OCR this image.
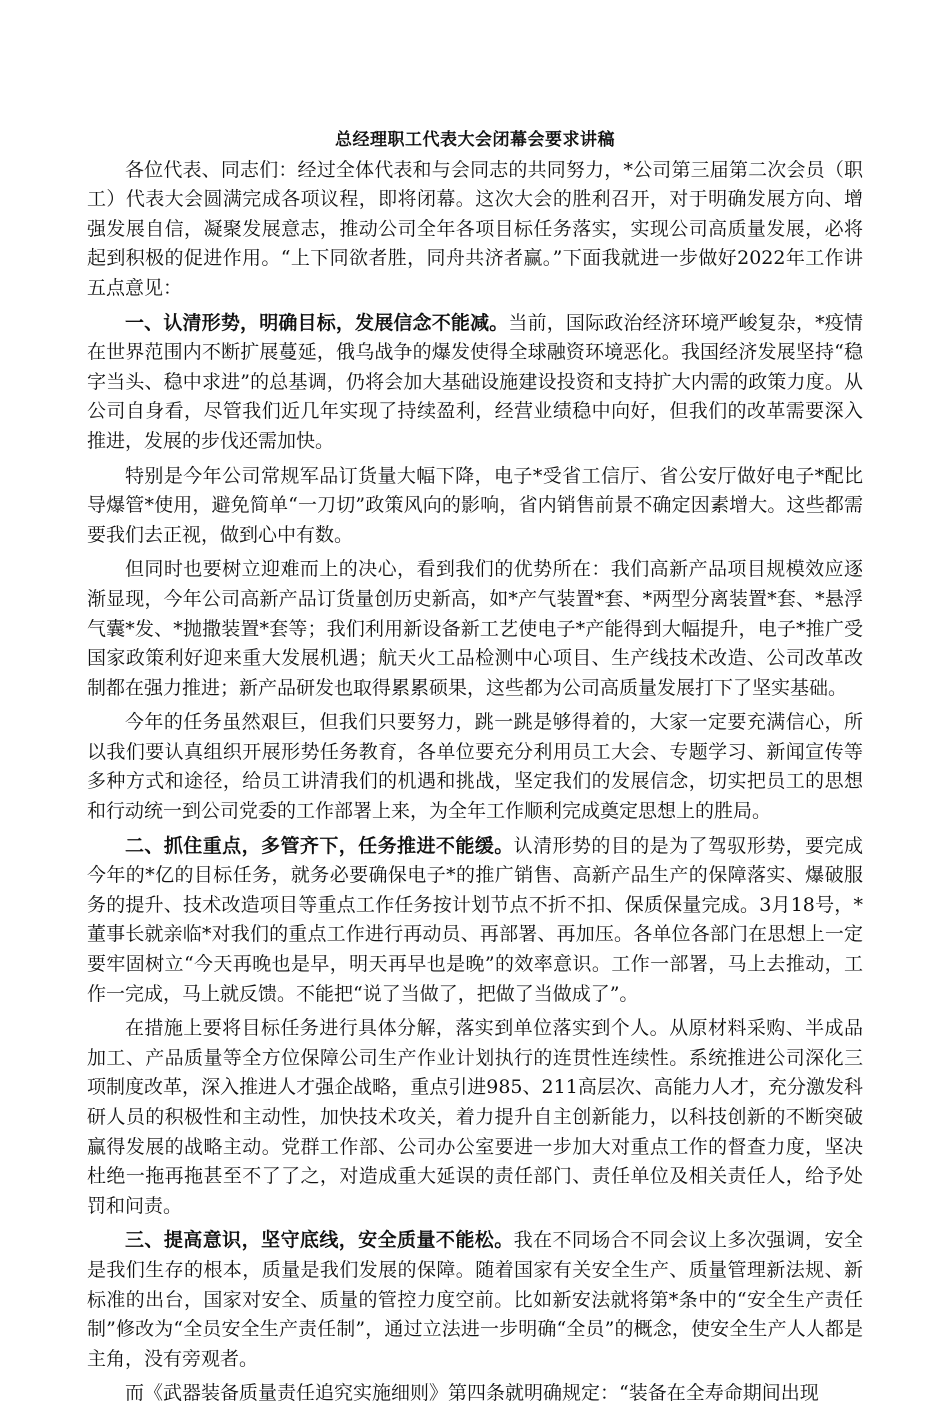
总经理职工代表大会闭幕会要求讲稿

各位代表、同志们：经过全体代表和与会同志的共同努力，*公司第三届第二次会员（职工）代表大会圆满完成各项议程，即将闭幕。这次大会的胜利召开，对于明确发展方向、增强发展自信，凝聚发展意志，推动公司全年各项目标任务落实，实现公司高质量发展，必将起到积极的促进作用。“上下同欲者胜，同舟共济者赢。”下面我就进一步做好2022年工作讲五点意见：

一、认清形势，明确目标，发展信念不能减。当前，国际政治经济环境严峻复杂，*疫情在世界范围内不断扩展蔓延，俄乌战争的爆发使得全球融资环境恶化。我国经济发展坚持“稳字当头、稳中求进”的总基调，仍将会加大基础设施建设投资和支持扩大内需的政策力度。从公司自身看，尽管我们近几年实现了持续盈利，经营业绩稳中向好，但我们的改革需要深入推进，发展的步伐还需加快。

特别是今年公司常规军品订货量大幅下降，电子*受省工信厅、省公安厅做好电子*配比导爆管*使用，避免简单“一刀切”政策风向的影响，省内销售前景不确定因素增大。这些都需要我们去正视，做到心中有数。

但同时也要树立迎难而上的决心，看到我们的优势所在：我们高新产品项目规模效应逐渐显现，今年公司高新产品订货量创历史新高，如*产气装置*套、*两型分离装置*套、*悬浮气囊*发、*抛撒装置*套等；我们利用新设备新工艺使电子*产能得到大幅提升，电子*推广受国家政策利好迎来重大发展机遇；航天火工品检测中心项目、生产线技术改造、公司改革改制都在强力推进；新产品研发也取得累累硕果，这些都为公司高质量发展打下了坚实基础。

今年的任务虽然艰巨，但我们只要努力，跳一跳是够得着的，大家一定要充满信心，所以我们要认真组织开展形势任务教育，各单位要充分利用员工大会、专题学习、新闻宣传等多种方式和途径，给员工讲清我们的机遇和挑战，坚定我们的发展信念，切实把员工的思想和行动统一到公司党委的工作部署上来，为全年工作顺利完成奠定思想上的胜局。

二、抓住重点，多管齐下，任务推进不能缓。认清形势的目的是为了驾驭形势，要完成今年的*亿的目标任务，就务必要确保电子*的推广销售、高新产品生产的保障落实、爆破服务的提升、技术改造项目等重点工作任务按计划节点不折不扣、保质保量完成。3月18号，*董事长就亲临*对我们的重点工作进行再动员、再部署、再加压。各单位各部门在思想上一定要牢固树立“今天再晚也是早，明天再早也是晚”的效率意识。工作一部署，马上去推动，工作一完成，马上就反馈。不能把“说了当做了，把做了当做成了”。

在措施上要将目标任务进行具体分解，落实到单位落实到个人。从原材料采购、半成品加工、产品质量等全方位保障公司生产作业计划执行的连贯性连续性。系统推进公司深化三项制度改革，深入推进人才强企战略，重点引进985、211高层次、高能力人才，充分激发科研人员的积极性和主动性，加快技术攻关，着力提升自主创新能力，以科技创新的不断突破赢得发展的战略主动。党群工作部、公司办公室要进一步加大对重点工作的督查力度，坚决杜绝一拖再拖甚至不了了之，对造成重大延误的责任部门、责任单位及相关责任人，给予处罚和问责。

三、提高意识，坚守底线，安全质量不能松。我在不同场合不同会议上多次强调，安全是我们生存的根本，质量是我们发展的保障。随着国家有关安全生产、质量管理新法规、新标准的出台，国家对安全、质量的管控力度空前。比如新安法就将第*条中的“安全生产责任制”修改为“全员安全生产责任制”，通过立法进一步明确“全员”的概念，使安全生产人人都是主角，没有旁观者。

而《武器装备质量责任追究实施细则》第四条就明确规定：“装备在全寿命期间出现
